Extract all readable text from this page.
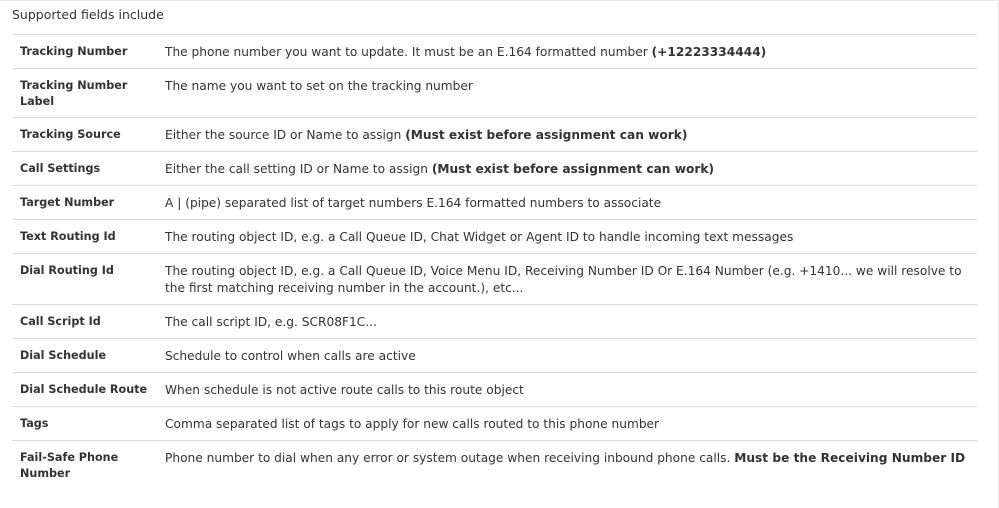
Supported fields include
Tracking Number	The phone number you want to update. It must be an E.164 formatted number (+12223334444)
Tracking Number Label	The name you want to set on the tracking number
Tracking Source	Either the source ID or Name to assign (Must exist before assignment can work)
Call Settings	Either the call setting ID or Name to assign (Must exist before assignment can work)
Target Number	A | (pipe) separated list of target numbers E.164 formatted numbers to associate
Text Routing Id	The routing object ID, e.g. a Call Queue ID, Chat Widget or Agent ID to handle incoming text messages
Dial Routing Id	The routing object ID, e.g. a Call Queue ID, Voice Menu ID, Receiving Number ID Or E.164 Number (e.g. +1410... we will resolve to the first matching receiving number in the account.), etc...
Call Script Id	The call script ID, e.g. SCR08F1C...
Dial Schedule	Schedule to control when calls are active
Dial Schedule Route	When schedule is not active route calls to this route object
Tags	Comma separated list of tags to apply for new calls routed to this phone number
Fail-Safe Phone Number	Phone number to dial when any error or system outage when receiving inbound phone calls. Must be the Receiving Number ID
